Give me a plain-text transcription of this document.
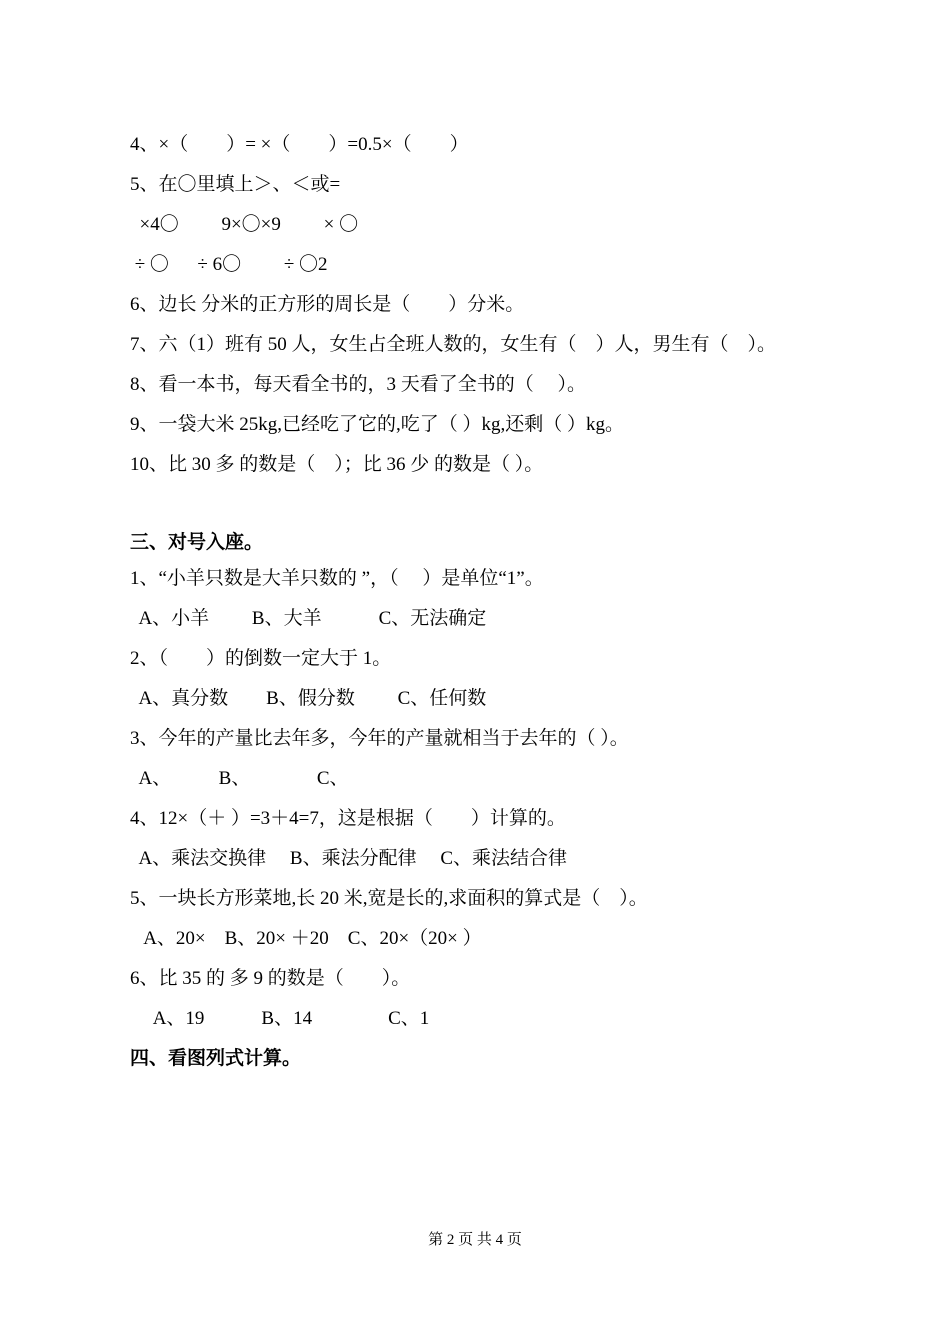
4、×（　　）= ×（　　）=0.5×（　　）
5、在〇里填上＞、＜或=
×4〇　　 9×〇×9　　 × 〇
÷ 〇　  ÷ 6〇　　 ÷ 〇2
6、边长 分米的正方形的周长是（　　）分米。
7、六（1）班有 50 人，女生占全班人数的，女生有（　）人，男生有（　）。
8、看一本书，每天看全书的，3 天看了全书的（　 ）。
9、一袋大米 25kg,已经吃了它的,吃了（ ）kg,还剩（ ）kg。
10、比 30 多 的数是（　）；比 36 少 的数是（ ）。
三、对号入座。
1、“小羊只数是大羊只数的 ”，（　 ）是单位“1”。
A、小羊　　 B、大羊　　　C、无法确定
2、（　　）的倒数一定大于 1。
A、真分数　　B、假分数　　 C、任何数
3、今年的产量比去年多，今年的产量就相当于去年的（ ）。
A、　　　B、　　　　C、
4、12×（＋ ）=3＋4=7，这是根据（　　）计算的。
A、乘法交换律　 B、乘法分配律　 C、乘法结合律
5、一块长方形菜地,长 20 米,宽是长的,求面积的算式是（　）。
A、20×　B、20× ＋20　C、20×（20× ）
6、比 35 的 多 9 的数是（　　）。
A、19　　　B、14　　　　C、1
四、看图列式计算。
第 2 页 共 4 页
